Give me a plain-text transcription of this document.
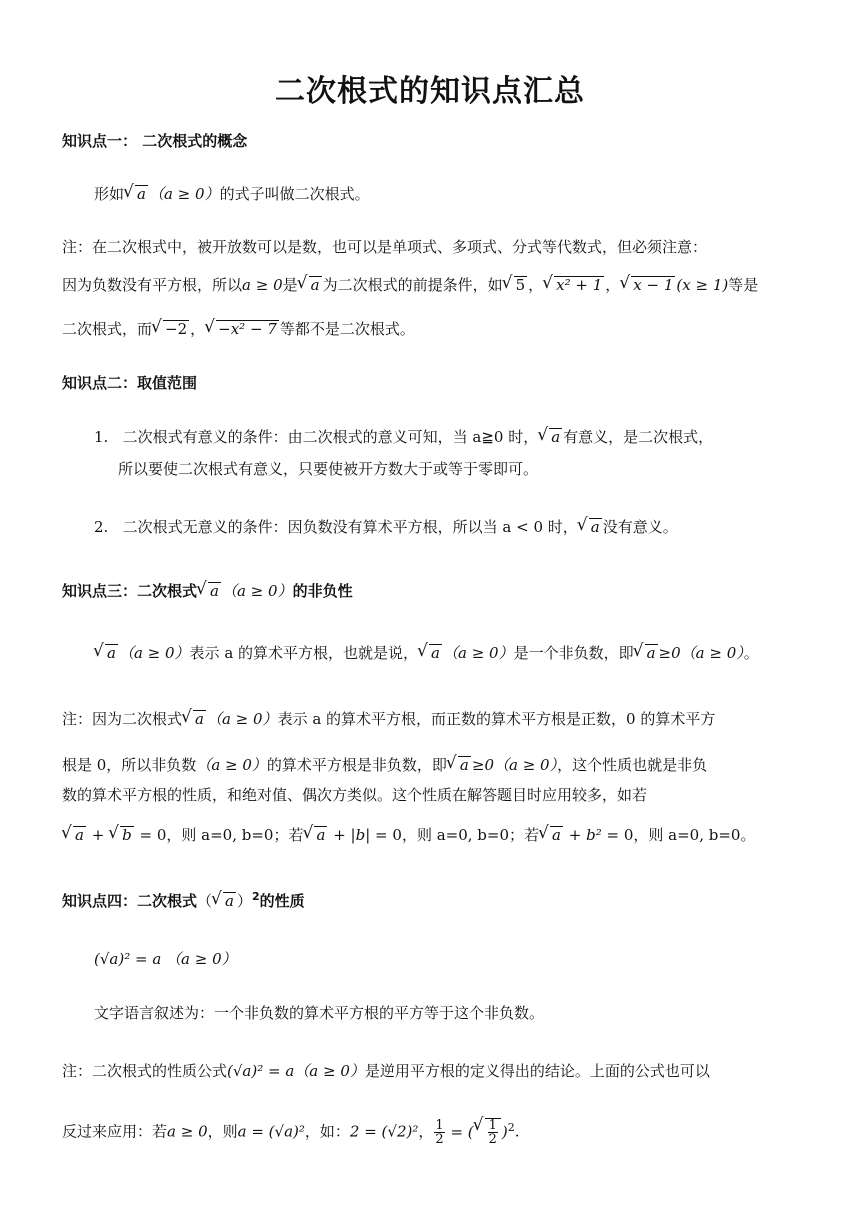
二次根式的知识点汇总
知识点一： 二次根式的概念
形如 √ a （a ≥ 0）的式子叫做二次根式。
注：在二次根式中，被开放数可以是数，也可以是单项式、多项式、分式等代数式，但必须注意：
因为负数没有平方根，所以a ≥ 0是 √ a 为二次根式的前提条件，如 √ 5 ， √ x² + 1 ， √ x − 1 (x ≥ 1)等是
二次根式，而 √ −2 ， √ −x² − 7 等都不是二次根式。
知识点二：取值范围
1. 二次根式有意义的条件：由二次根式的意义可知，当 a≧0 时， √ a 有意义，是二次根式，
所以要使二次根式有意义，只要使被开方数大于或等于零即可。
2. 二次根式无意义的条件：因负数没有算术平方根，所以当 a < 0 时， √ a 没有意义。
知识点三：二次根式 √ a （a ≥ 0）的非负性
√ a （a ≥ 0）表示 a 的算术平方根，也就是说， √ a （a ≥ 0）是一个非负数，即 √ a ≥0（a ≥ 0）。
注：因为二次根式 √ a （a ≥ 0）表示 a 的算术平方根，而正数的算术平方根是正数，0 的算术平方
根是 0，所以非负数（a ≥ 0）的算术平方根是非负数，即 √ a ≥0（a ≥ 0），这个性质也就是非负
数的算术平方根的性质，和绝对值、偶次方类似。这个性质在解答题目时应用较多，如若
√ a + √ b = 0，则 a=0, b=0；若 √ a + |b| = 0，则 a=0, b=0；若 √ a + b² = 0，则 a=0, b=0。
知识点四：二次根式（ √ a ）$^2$的性质
(√a)² = a （a ≥ 0）
文字语言叙述为：一个非负数的算术平方根的平方等于这个非负数。
注：二次根式的性质公式(√a)² = a（a ≥ 0）是逆用平方根的定义得出的结论。上面的公式也可以
反过来应用：若a ≥ 0，则a = (√a)²，如：2 = (√2)²， $\frac{1}{2}$ = ( √ $\frac{1}{2} )^2$.
